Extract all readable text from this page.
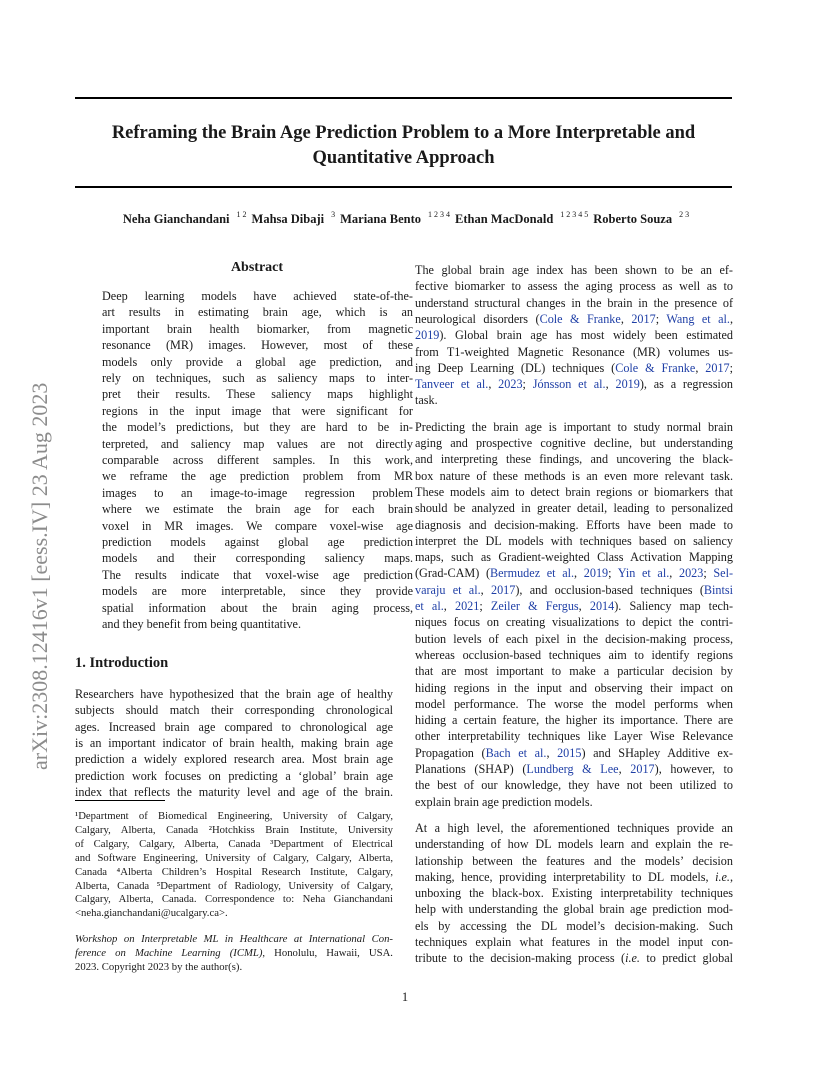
Reframing the Brain Age Prediction Problem to a More Interpretable and
Quantitative Approach
Neha Gianchandani $^{1 2}$ Mahsa Dibaji $^3$ Mariana Bento $^{1 2 3 4}$ Ethan MacDonald $^{1 2 3 4 5}$ Roberto Souza $^{2 3}$
arXiv:2308.12416v1 [eess.IV] 23 Aug 2023
Abstract
Deep learning models have achieved state-of-the-
art results in estimating brain age, which is an
important brain health biomarker, from magnetic
resonance (MR) images. However, most of these
models only provide a global age prediction, and
rely on techniques, such as saliency maps to inter-
pret their results. These saliency maps highlight
regions in the input image that were significant for
the model’s predictions, but they are hard to be in-
terpreted, and saliency map values are not directly
comparable across different samples. In this work,
we reframe the age prediction problem from MR
images to an image-to-image regression problem
where we estimate the brain age for each brain
voxel in MR images. We compare voxel-wise age
prediction models against global age prediction
models and their corresponding saliency maps.
The results indicate that voxel-wise age prediction
models are more interpretable, since they provide
spatial information about the brain aging process,
and they benefit from being quantitative.
1. Introduction
Researchers have hypothesized that the brain age of healthy
subjects should match their corresponding chronological
ages. Increased brain age compared to chronological age
is an important indicator of brain health, making brain age
prediction a widely explored research area. Most brain age
prediction work focuses on predicting a ‘global’ brain age
index that reflects the maturity level and age of the brain.
¹Department of Biomedical Engineering, University of Calgary,
Calgary, Alberta, Canada ²Hotchkiss Brain Institute, University
of Calgary, Calgary, Alberta, Canada ³Department of Electrical
and Software Engineering, University of Calgary, Calgary, Alberta,
Canada ⁴Alberta Children’s Hospital Research Institute, Calgary,
Alberta, Canada ⁵Department of Radiology, University of Calgary,
Calgary, Alberta, Canada. Correspondence to: Neha Gianchandani
<neha.gianchandani@ucalgary.ca>.
Workshop on Interpretable ML in Healthcare at International Con-
ference on Machine Learning (ICML), Honolulu, Hawaii, USA.
2023. Copyright 2023 by the author(s).
The global brain age index has been shown to be an ef-
fective biomarker to assess the aging process as well as to
understand structural changes in the brain in the presence of
neurological disorders (Cole & Franke, 2017; Wang et al.,
2019). Global brain age has most widely been estimated
from T1-weighted Magnetic Resonance (MR) volumes us-
ing Deep Learning (DL) techniques (Cole & Franke, 2017;
Tanveer et al., 2023; Jónsson et al., 2019), as a regression
task.
Predicting the brain age is important to study normal brain
aging and prospective cognitive decline, but understanding
and interpreting these findings, and uncovering the black-
box nature of these methods is an even more relevant task.
These models aim to detect brain regions or biomarkers that
should be analyzed in greater detail, leading to personalized
diagnosis and decision-making. Efforts have been made to
interpret the DL models with techniques based on saliency
maps, such as Gradient-weighted Class Activation Mapping
(Grad-CAM) (Bermudez et al., 2019; Yin et al., 2023; Sel-
varaju et al., 2017), and occlusion-based techniques (Bintsi
et al., 2021; Zeiler & Fergus, 2014). Saliency map tech-
niques focus on creating visualizations to depict the contri-
bution levels of each pixel in the decision-making process,
whereas occlusion-based techniques aim to identify regions
that are most important to make a particular decision by
hiding regions in the input and observing their impact on
model performance. The worse the model performs when
hiding a certain feature, the higher its importance. There are
other interpretability techniques like Layer Wise Relevance
Propagation (Bach et al., 2015) and SHapley Additive ex-
Planations (SHAP) (Lundberg & Lee, 2017), however, to
the best of our knowledge, they have not been utilized to
explain brain age prediction models.
At a high level, the aforementioned techniques provide an
understanding of how DL models learn and explain the re-
lationship between the features and the models’ decision
making, hence, providing interpretability to DL models, i.e.,
unboxing the black-box. Existing interpretability techniques
help with understanding the global brain age prediction mod-
els by accessing the DL model’s decision-making. Such
techniques explain what features in the model input con-
tribute to the decision-making process (i.e. to predict global
1
